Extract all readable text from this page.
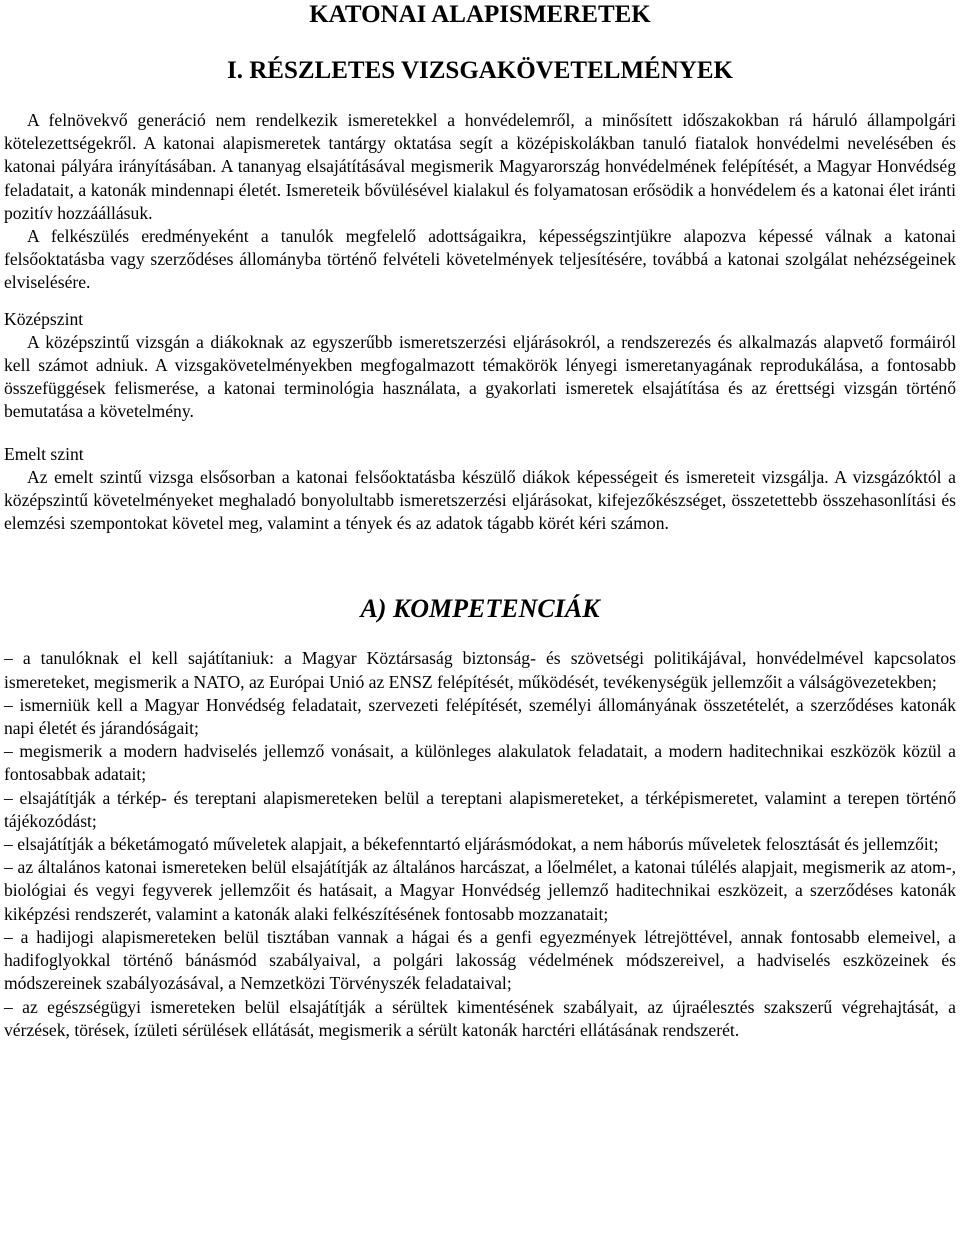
KATONAI ALAPISMERETEK
I. RÉSZLETES VIZSGAKÖVETELMÉNYEK

A felnövekvő generáció nem rendelkezik ismeretekkel a honvédelemről, a minősített időszakokban rá háruló állampolgári kötelezettségekről. A katonai alapismeretek tantárgy oktatása segít a középiskolákban tanuló fiatalok honvédelmi nevelésében és katonai pályára irányításában. A tananyag elsajátításával megismerik Magyarország honvédelmének felépítését, a Magyar Honvédség feladatait, a katonák mindennapi életét. Ismereteik bővülésével kialakul és folyamatosan erősödik a honvédelem és a katonai élet iránti pozitív hozzáállásuk.

A felkészülés eredményeként a tanulók megfelelő adottságaikra, képességszintjükre alapozva képessé válnak a katonai felsőoktatásba vagy szerződéses állományba történő felvételi követelmények teljesítésére, továbbá a katonai szolgálat nehézségeinek elviselésére.

Középszint

A középszintű vizsgán a diákoknak az egyszerűbb ismeretszerzési eljárásokról, a rendszerezés és alkalmazás alapvető formáiról kell számot adniuk. A vizsgakövetelményekben megfogalmazott témakörök lényegi ismeretanyagának reprodukálása, a fontosabb összefüggések felismerése, a katonai terminológia használata, a gyakorlati ismeretek elsajátítása és az érettségi vizsgán történő bemutatása a követelmény.

Emelt szint

Az emelt szintű vizsga elsősorban a katonai felsőoktatásba készülő diákok képességeit és ismereteit vizsgálja. A vizsgázóktól a középszintű követelményeket meghaladó bonyolultabb ismeretszerzési eljárásokat, kifejezőkészséget, összetettebb összehasonlítási és elemzési szempontokat követel meg, valamint a tények és az adatok tágabb körét kéri számon.

A) KOMPETENCIÁK

– a tanulóknak el kell sajátítaniuk: a Magyar Köztársaság biztonság- és szövetségi politikájával, honvédelmével kapcsolatos ismereteket, megismerik a NATO, az Európai Unió az ENSZ felépítését, működését, tevékenységük jellemzőit a válságövezetekben;

– ismerniük kell a Magyar Honvédség feladatait, szervezeti felépítését, személyi állományának összetételét, a szerződéses katonák napi életét és járandóságait;

– megismerik a modern hadviselés jellemző vonásait, a különleges alakulatok feladatait, a modern haditechnikai eszközök közül a fontosabbak adatait;

– elsajátítják a térkép- és tereptani alapismereteken belül a tereptani alapismereteket, a térképismeretet, valamint a terepen történő tájékozódást;

– elsajátítják a béketámogató műveletek alapjait, a békefenntartó eljárásmódokat, a nem háborús műveletek felosztását és jellemzőit;

– az általános katonai ismereteken belül elsajátítják az általános harcászat, a lőelmélet, a katonai túlélés alapjait, megismerik az atom-, biológiai és vegyi fegyverek jellemzőit és hatásait, a Magyar Honvédség jellemző haditechnikai eszközeit, a szerződéses katonák kiképzési rendszerét, valamint a katonák alaki felkészítésének fontosabb mozzanatait;

– a hadijogi alapismereteken belül tisztában vannak a hágai és a genfi egyezmények létrejöttével, annak fontosabb elemeivel, a hadifoglyokkal történő bánásmód szabályaival, a polgári lakosság védelmének módszereivel, a hadviselés eszközeinek és módszereinek szabályozásával, a Nemzetközi Törvényszék feladataival;

– az egészségügyi ismereteken belül elsajátítják a sérültek kimentésének szabályait, az újraélesztés szakszerű végrehajtását, a vérzések, törések, ízületi sérülések ellátását, megismerik a sérült katonák harctéri ellátásának rendszerét.
